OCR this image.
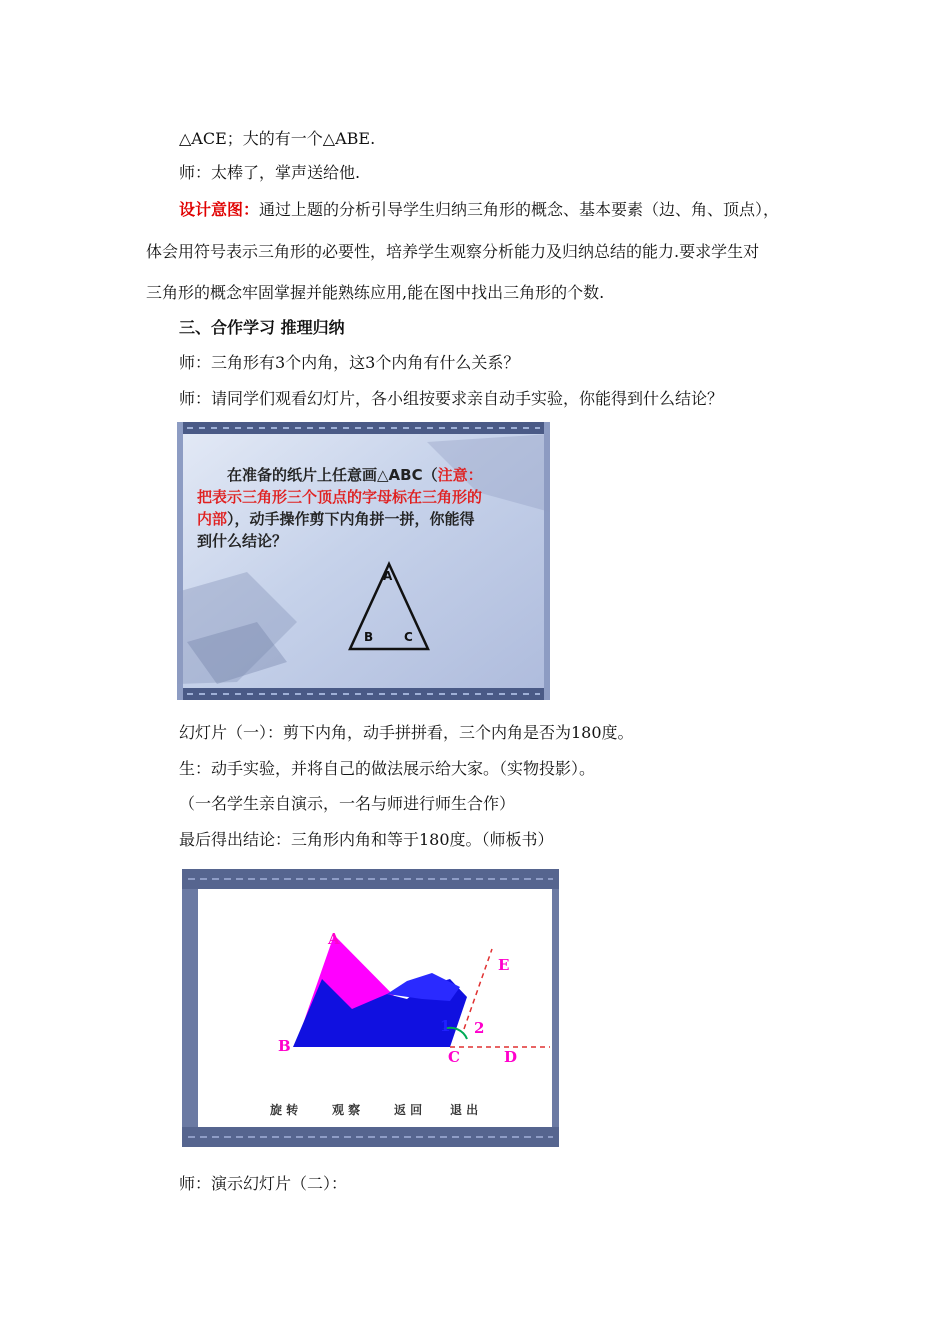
△ACE；大的有一个△ABE.
师：太棒了，掌声送给他.
设计意图：通过上题的分析引导学生归纳三角形的概念、基本要素（边、角、顶点），
体会用符号表示三角形的必要性，培养学生观察分析能力及归纳总结的能力.要求学生对
三角形的概念牢固掌握并能熟练应用,能在图中找出三角形的个数.
三、合作学习 推理归纳
师：三角形有3个内角，这3个内角有什么关系？
师：请同学们观看幻灯片，各小组按要求亲自动手实验，你能得到什么结论？
A
B	C
在准备的纸片上任意画△ABC（注意：
把表示三角形三个顶点的字母标在三角形的
内部），动手操作剪下内角拼一拼，你能得
到什么结论？
幻灯片（一）：剪下内角，动手拼拼看，三个内角是否为180度。
生：动手实验，并将自己的做法展示给大家。（实物投影）。
（一名学生亲自演示，一名与师进行师生合作）
最后得出结论：三角形内角和等于180度。（师板书）
A
B
C	D
E
1 2
旋 转	观 察	返 回 退 出
师：演示幻灯片（二）：
